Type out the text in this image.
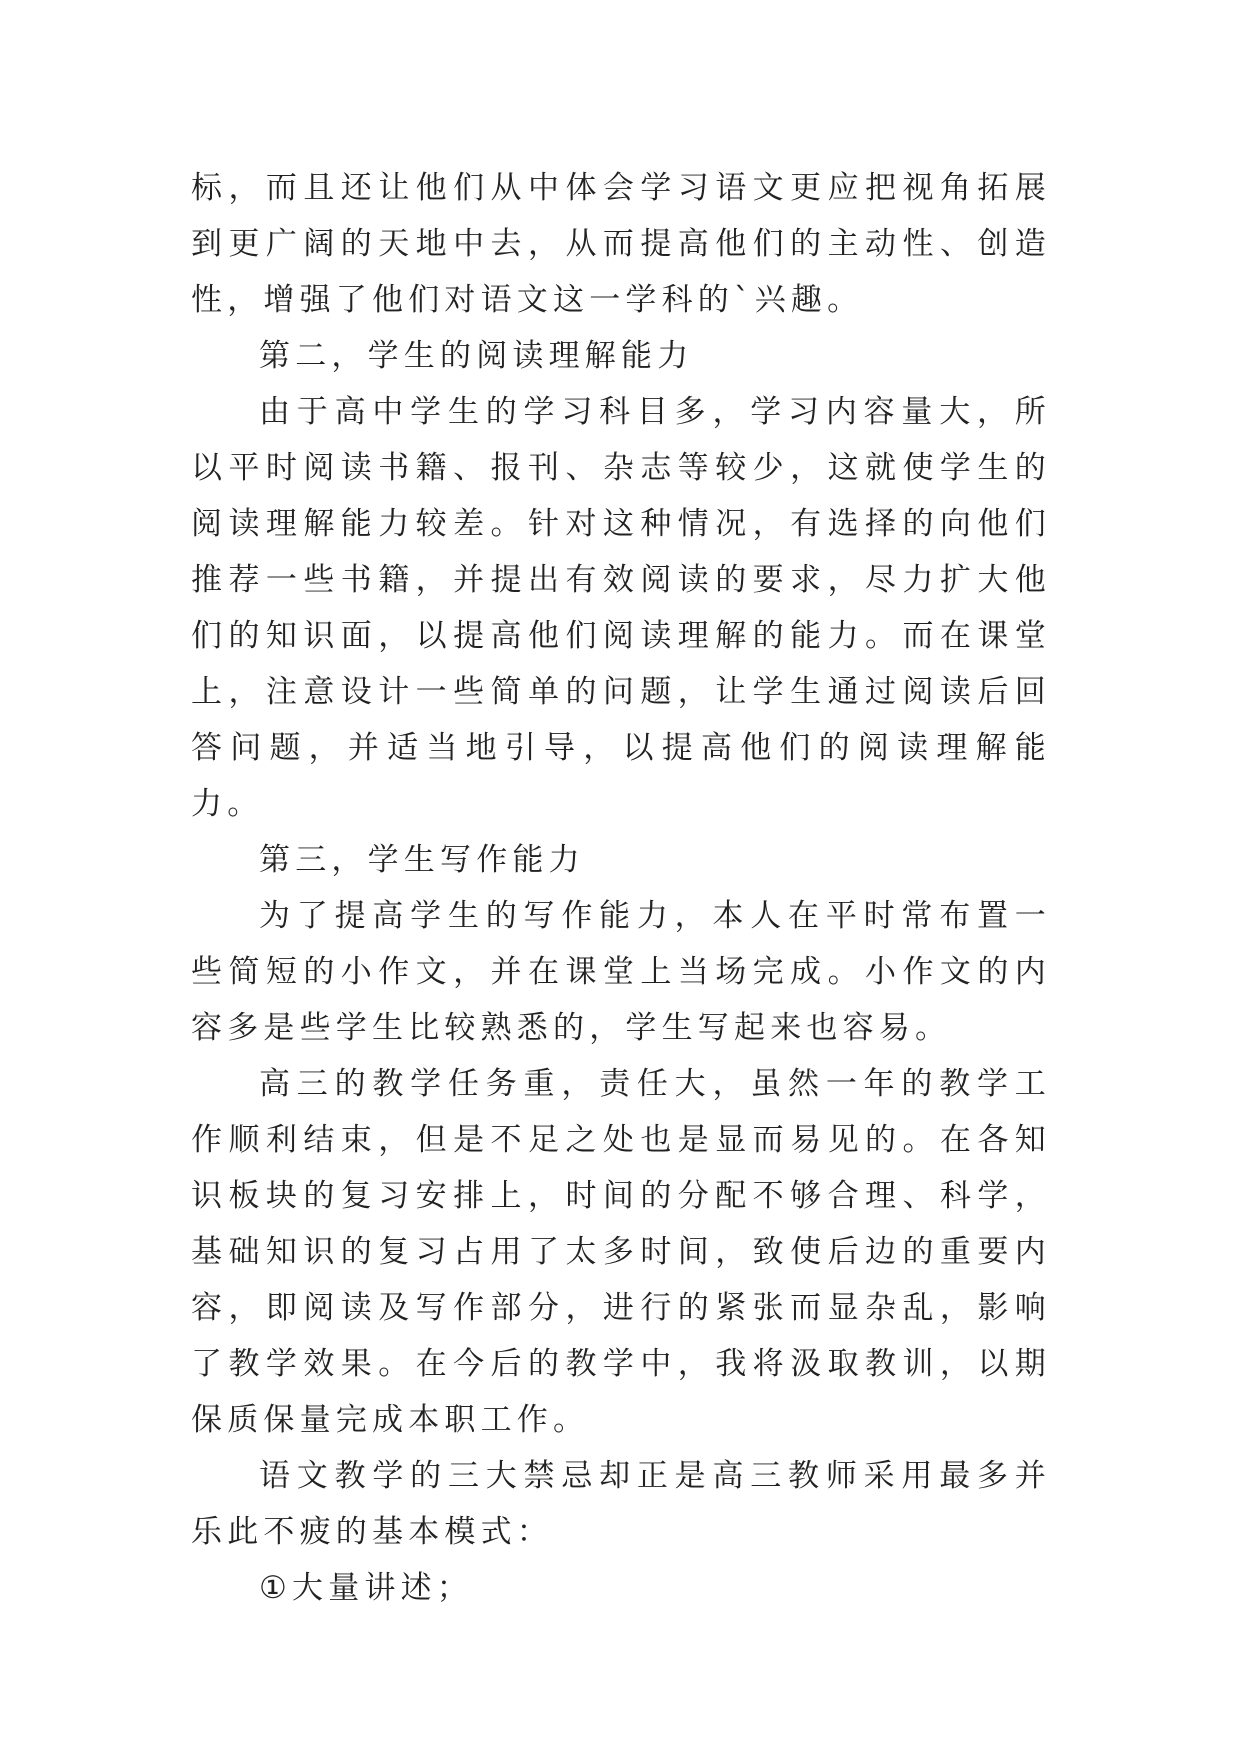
标，而且还让他们从中体会学习语文更应把视角拓展到更广阔的天地中去，从而提高他们的主动性、创造性，增强了他们对语文这一学科的`兴趣。

第二，学生的阅读理解能力

由于高中学生的学习科目多，学习内容量大，所以平时阅读书籍、报刊、杂志等较少，这就使学生的阅读理解能力较差。针对这种情况，有选择的向他们推荐一些书籍，并提出有效阅读的要求，尽力扩大他们的知识面，以提高他们阅读理解的能力。而在课堂上，注意设计一些简单的问题，让学生通过阅读后回答问题，并适当地引导，以提高他们的阅读理解能力。

第三，学生写作能力

为了提高学生的写作能力，本人在平时常布置一些简短的小作文，并在课堂上当场完成。小作文的内容多是些学生比较熟悉的，学生写起来也容易。

高三的教学任务重，责任大，虽然一年的教学工作顺利结束，但是不足之处也是显而易见的。在各知识板块的复习安排上，时间的分配不够合理、科学，基础知识的复习占用了太多时间，致使后边的重要内容，即阅读及写作部分，进行的紧张而显杂乱，影响了教学效果。在今后的教学中，我将汲取教训，以期保质保量完成本职工作。

语文教学的三大禁忌却正是高三教师采用最多并乐此不疲的基本模式：

①大量讲述；
